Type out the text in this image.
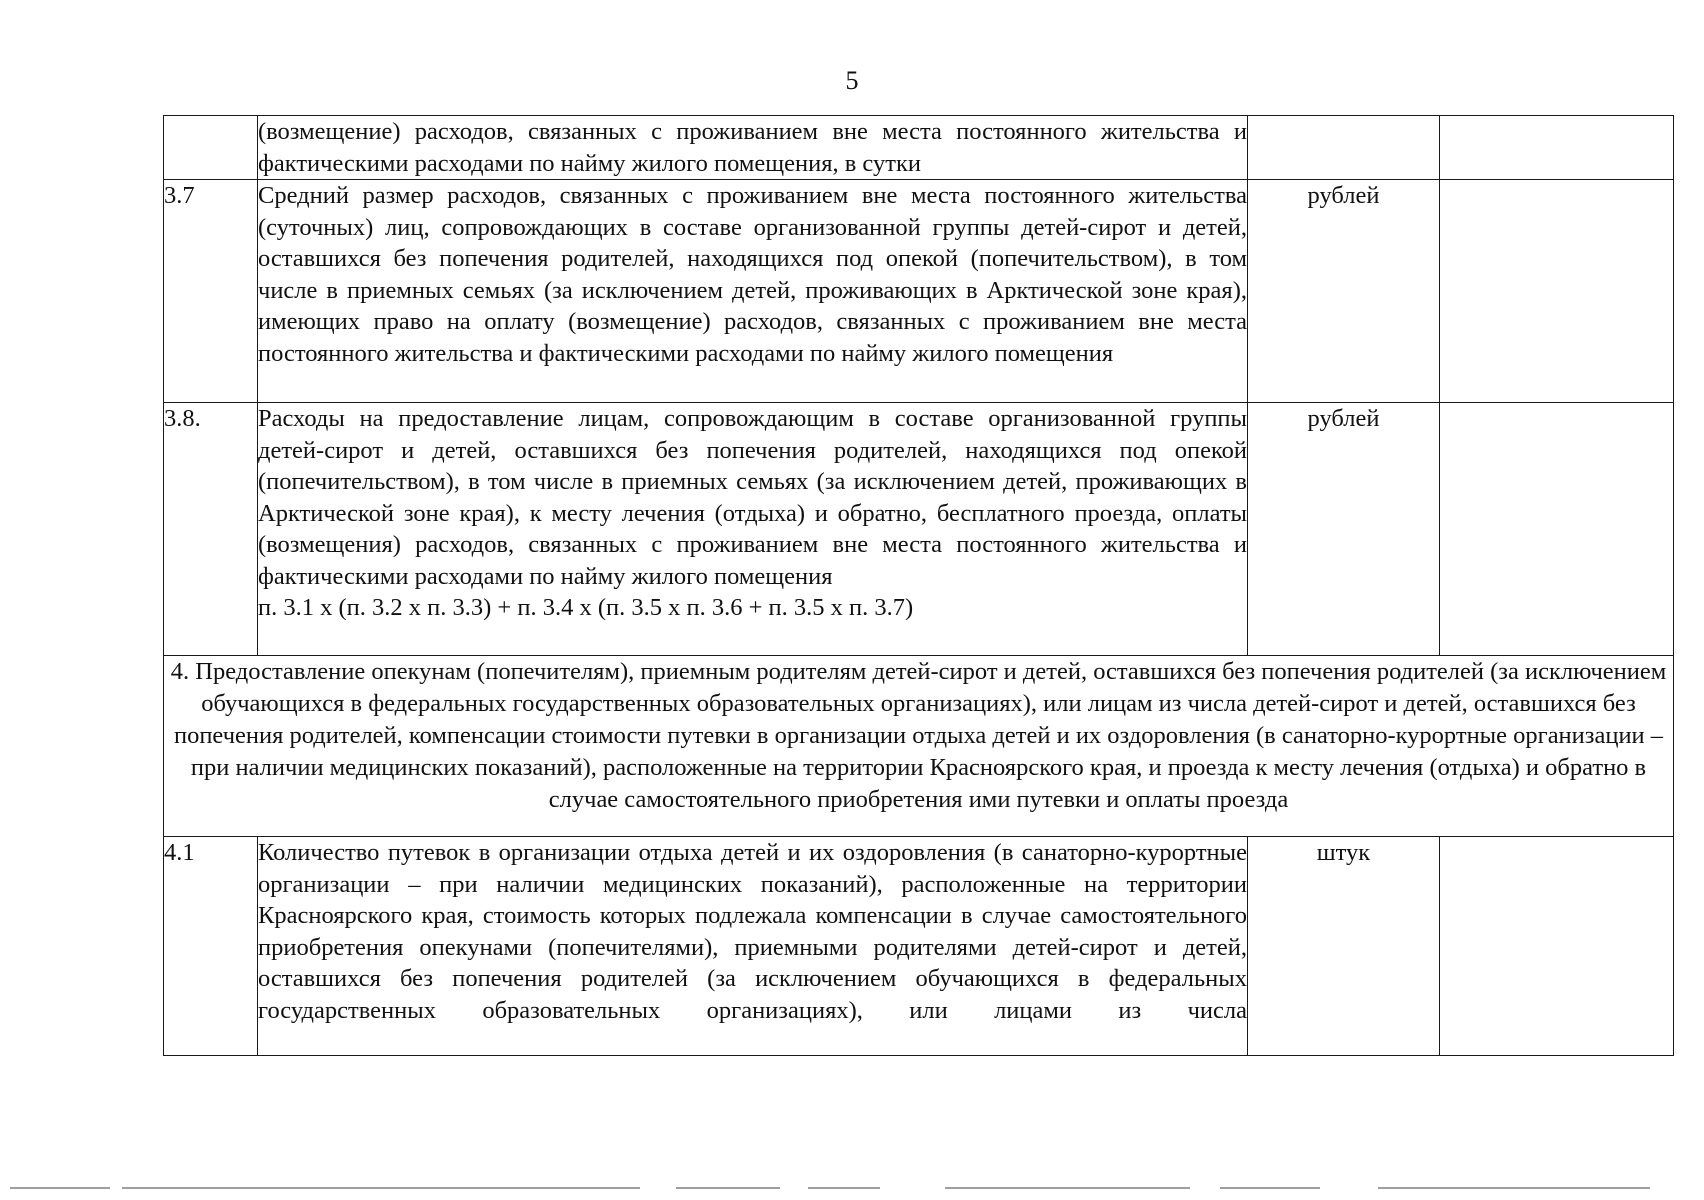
5

	(возмещение) расходов, связанных с проживанием вне места постоянного жительства и фактическими расходами по найму жилого помещения, в сутки		

3.7	Средний размер расходов, связанных с проживанием вне места постоянного жительства (суточных) лиц, сопровождающих в составе организованной группы детей-сирот и детей, оставшихся без попечения родителей, находящихся под опекой (попечительством), в том числе в приемных семьях (за исключением детей, проживающих в Арктической зоне края), имеющих право на оплату (возмещение) расходов, связанных с проживанием вне места постоянного жительства и фактическими расходами по найму жилого помещения	рублей	
3.8.	Расходы на предоставление лицам, сопровождающим в составе организованной группы детей-сирот и детей, оставшихся без попечения родителей, находящихся под опекой (попечительством), в том числе в приемных семьях (за исключением детей, проживающих в Арктической зоне края), к месту лечения (отдыха) и обратно, бесплатного проезда, оплаты (возмещения) расходов, связанных с проживанием вне места постоянного жительства и фактическими расходами по найму жилого помещения
п. 3.1 х (п. 3.2 х п. 3.3) + п. 3.4 х (п. 3.5 х п. 3.6 + п. 3.5 х п. 3.7)	рублей	
4. Предоставление опекунам (попечителям), приемным родителям детей-сирот и детей, оставшихся без попечения родителей (за исключением обучающихся в федеральных государственных образовательных организациях), или лицам из числа детей-сирот и детей, оставшихся без попечения родителей, компенсации стоимости путевки в организации отдыха детей и их оздоровления (в санаторно-курортные организации – при наличии медицинских показаний), расположенные на территории Красноярского края, и проезда к месту лечения (отдыха) и обратно в случае самостоятельного приобретения ими путевки и оплаты проезда			
4.1	Количество путевок в организации отдыха детей и их оздоровления (в санаторно-курортные организации – при наличии медицинских показаний), расположенные на территории Красноярского края, стоимость которых подлежала компенсации в случае самостоятельного приобретения опекунами (попечителями), приемными родителями детей-сирот и детей, оставшихся без попечения родителей (за исключением обучающихся в федеральных государственных образовательных организациях), или лицами из числа	штук	
